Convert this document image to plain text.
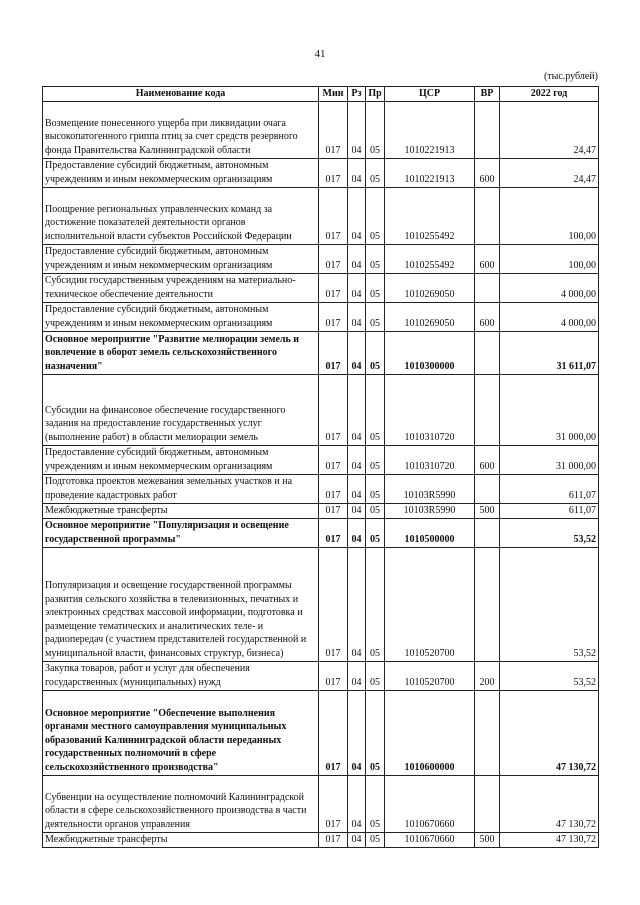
41
(тыс.рублей)
Наименование кода	Мин	Рз	Пр	ЦСР	ВР	2022 год
Возмещение понесенного ущерба при ликвидации очага высокопатогенного гриппа птиц за счет средств резервного фонда Правительства Калининградской области	017	04	05	1010221913		24,47
Предоставление субсидий бюджетным, автономным учреждениям и иным некоммерческим организациям	017	04	05	1010221913	600	24,47
Поощрение региональных управленческих команд за достижение показателей деятельности органов исполнительной власти субъектов Российской Федерации	017	04	05	1010255492		100,00
Предоставление субсидий бюджетным, автономным учреждениям и иным некоммерческим организациям	017	04	05	1010255492	600	100,00
Субсидии государственным учреждениям на материально-техническое обеспечение деятельности	017	04	05	1010269050		4 000,00
Предоставление субсидий бюджетным, автономным учреждениям и иным некоммерческим организациям	017	04	05	1010269050	600	4 000,00
Основное мероприятие "Развитие мелиорации земель и вовлечение в оборот земель сельскохозяйственного назначения"	017	04	05	1010300000		31 611,07
Субсидии на финансовое обеспечение государственного задания на предоставление государственных услуг (выполнение работ) в области мелиорации земель	017	04	05	1010310720		31 000,00
Предоставление субсидий бюджетным, автономным учреждениям и иным некоммерческим организациям	017	04	05	1010310720	600	31 000,00
Подготовка проектов межевания земельных участков и на проведение кадастровых работ	017	04	05	10103R5990		611,07
Межбюджетные трансферты	017	04	05	10103R5990	500	611,07
Основное мероприятие "Популяризация и освещение государственной программы"	017	04	05	1010500000		53,52
Популяризация и освещение государственной программы развития сельского хозяйства в телевизионных, печатных и электронных средствах массовой информации, подготовка и размещение тематических и аналитических теле- и радиопередач (с участием представителей государственной и муниципальной власти, финансовых структур, бизнеса)	017	04	05	1010520700		53,52
Закупка товаров, работ и услуг для обеспечения государственных (муниципальных) нужд	017	04	05	1010520700	200	53,52
Основное мероприятие "Обеспечение выполнения органами местного самоуправления муниципальных образований Калининградской области переданных государственных полномочий в сфере сельскохозяйственного производства"	017	04	05	1010600000		47 130,72
Субвенции на осуществление полномочий Калининградской области в сфере сельскохозяйственного производства в части деятельности органов управления	017	04	05	1010670660		47 130,72
Межбюджетные трансферты	017	04	05	1010670660	500	47 130,72
